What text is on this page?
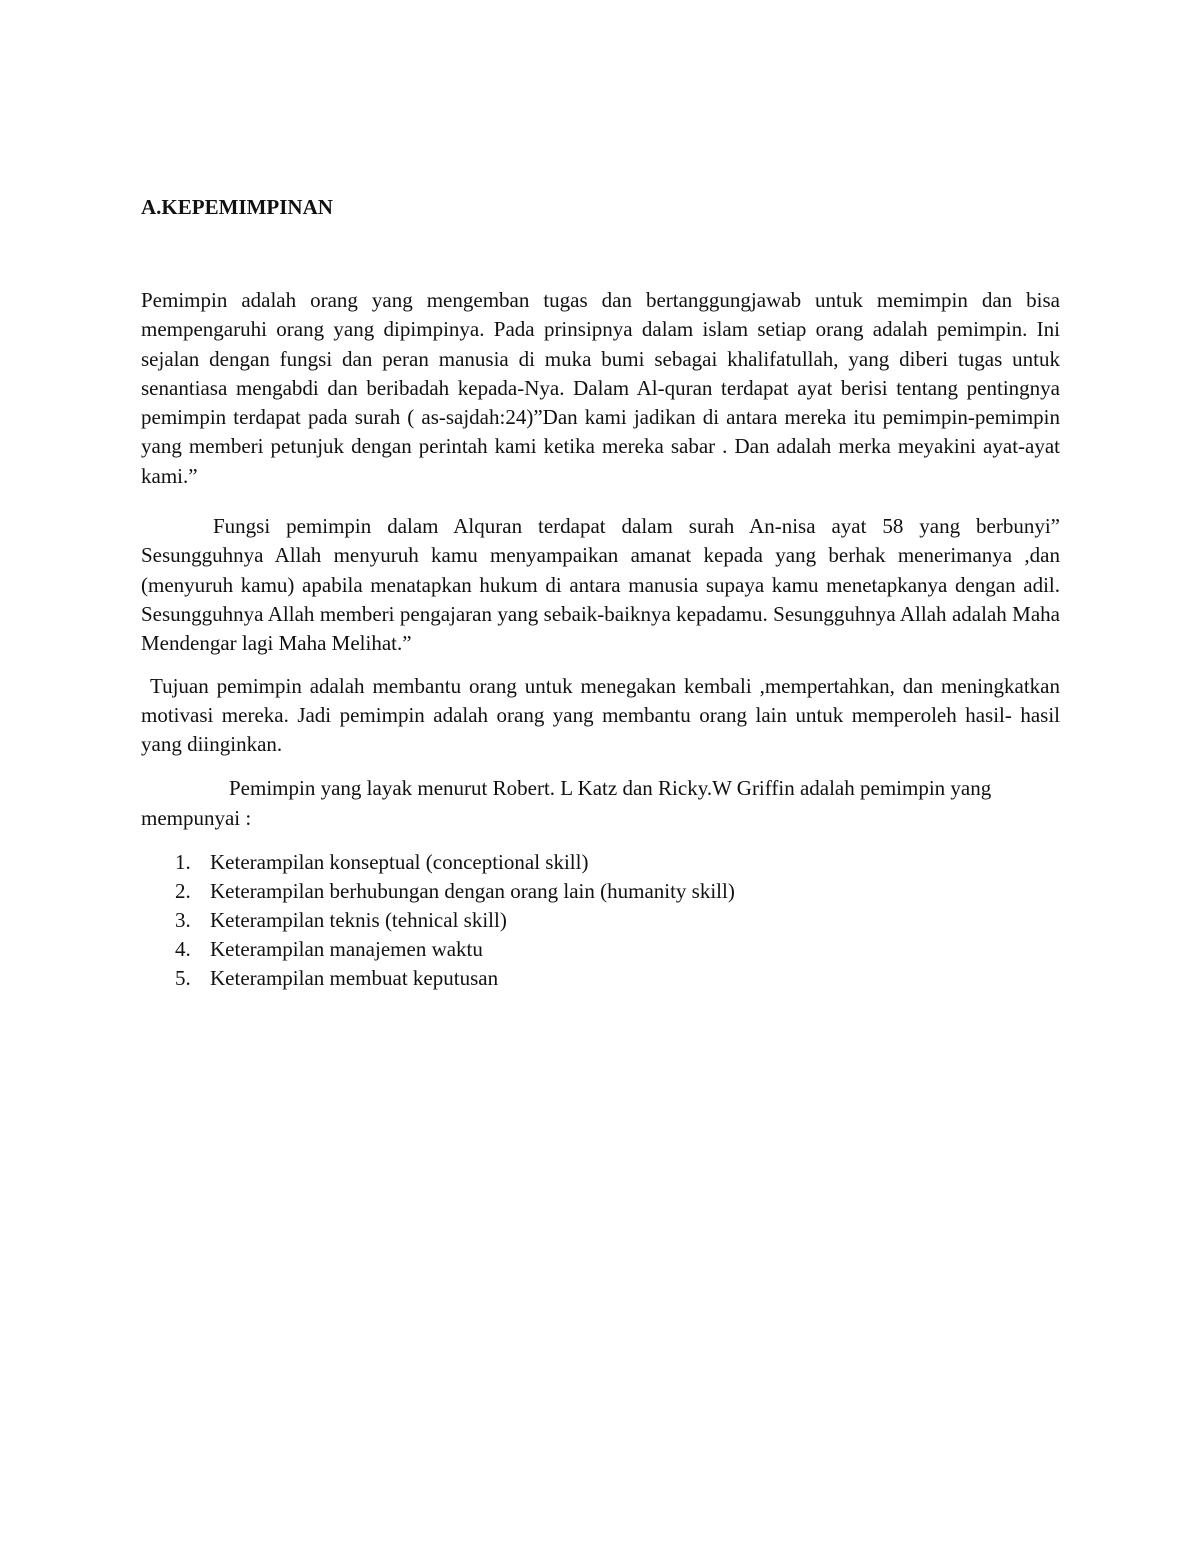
A.KEPEMIMPINAN

Pemimpin adalah orang yang mengemban tugas dan bertanggungjawab untuk memimpin dan bisa mempengaruhi orang yang dipimpinya. Pada prinsipnya dalam islam setiap orang adalah pemimpin. Ini sejalan dengan fungsi dan peran manusia di muka bumi sebagai khalifatullah, yang diberi tugas untuk senantiasa mengabdi dan beribadah kepada-Nya. Dalam Al-quran terdapat ayat berisi tentang pentingnya pemimpin terdapat pada surah ( as-sajdah:24)”Dan kami jadikan di antara mereka itu pemimpin-pemimpin yang memberi petunjuk dengan perintah kami ketika mereka sabar . Dan adalah merka meyakini ayat-ayat kami.”

Fungsi pemimpin dalam Alquran terdapat dalam surah An-nisa ayat 58 yang berbunyi” Sesungguhnya Allah menyuruh kamu menyampaikan amanat kepada yang berhak menerimanya ,dan (menyuruh kamu) apabila menatapkan hukum di antara manusia supaya kamu menetapkanya dengan adil. Sesungguhnya Allah memberi pengajaran yang sebaik-baiknya kepadamu. Sesungguhnya Allah adalah Maha Mendengar lagi Maha Melihat.”

Tujuan pemimpin adalah membantu orang untuk menegakan kembali ,mempertahkan, dan meningkatkan motivasi mereka. Jadi pemimpin adalah orang yang membantu orang lain untuk memperoleh hasil- hasil yang diinginkan.

Pemimpin yang layak menurut Robert. L Katz dan Ricky.W Griffin adalah pemimpin yang mempunyai :

1. Keterampilan konseptual (conceptional skill)
2. Keterampilan berhubungan dengan orang lain (humanity skill)
3. Keterampilan teknis (tehnical skill)
4. Keterampilan manajemen waktu
5. Keterampilan membuat keputusan
